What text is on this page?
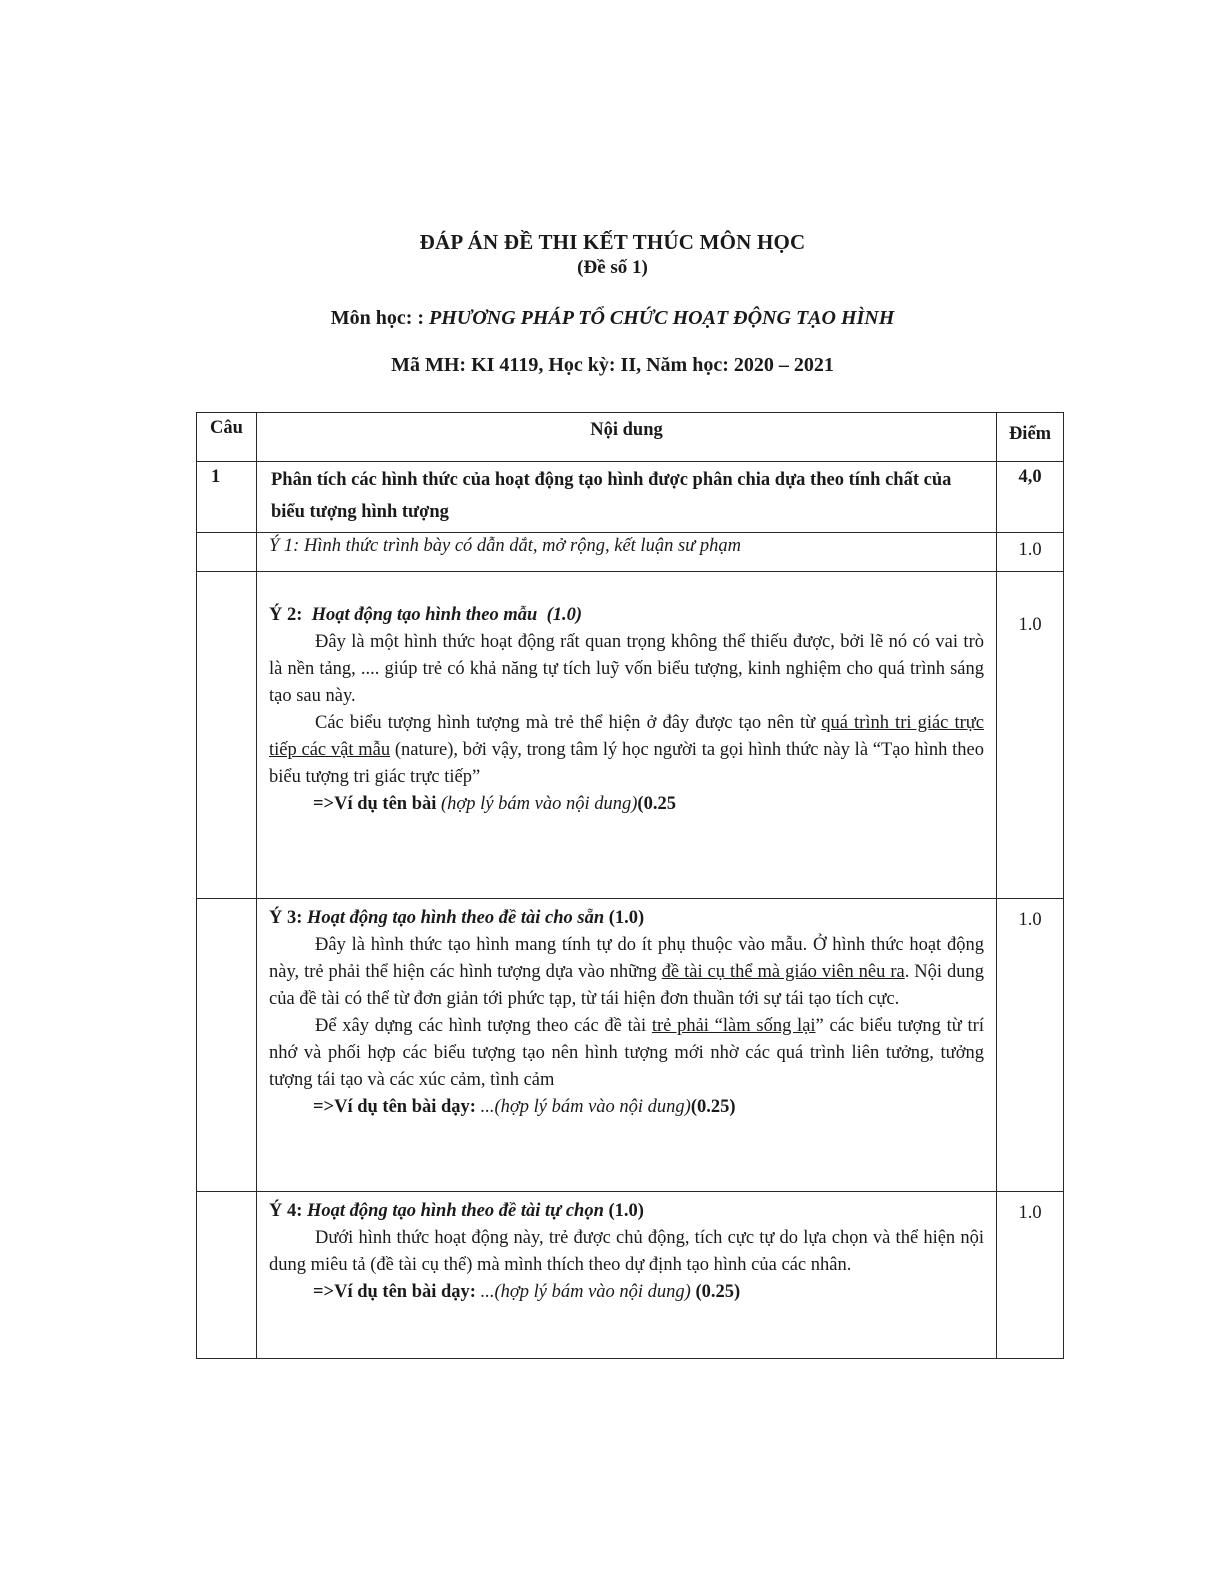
ĐÁP ÁN ĐỀ THI KẾT THÚC MÔN HỌC
(Đề số 1)
Môn học: : PHƯƠNG PHÁP TỔ CHỨC HOẠT ĐỘNG TẠO HÌNH
Mã MH: KI 4119, Học kỳ: II, Năm học: 2020 – 2021
Câu	Nội dung	Điểm
1	Phân tích các hình thức của hoạt động tạo hình được phân chia dựa theo tính chất của biểu tượng hình tượng	4,0
	Ý 1: Hình thức trình bày có dẫn dắt, mở rộng, kết luận sư phạm	1.0

	Ý 2: Hoạt động tạo hình theo mẫu (1.0)

Đây là một hình thức hoạt động rất quan trọng không thể thiếu được, bởi lẽ nó có vai trò là nền tảng, .... giúp trẻ có khả năng tự tích luỹ vốn biểu tượng, kinh nghiệm cho quá trình sáng tạo sau này.

Các biểu tượng hình tượng mà trẻ thể hiện ở đây được tạo nên từ quá trình tri giác trực tiếp các vật mẫu (nature), bởi vậy, trong tâm lý học người ta gọi hình thức này là “Tạo hình theo biểu tượng tri giác trực tiếp”

=>Ví dụ tên bài (hợp lý bám vào nội dung)(0.25	1.0

	Ý 3: Hoạt động tạo hình theo đề tài cho sẵn (1.0)

Đây là hình thức tạo hình mang tính tự do ít phụ thuộc vào mẫu. Ở hình thức hoạt động này, trẻ phải thể hiện các hình tượng dựa vào những đề tài cụ thể mà giáo viên nêu ra. Nội dung của đề tài có thể từ đơn giản tới phức tạp, từ tái hiện đơn thuần tới sự tái tạo tích cực.

Để xây dựng các hình tượng theo các đề tài trẻ phải “làm sống lại” các biểu tượng từ trí nhớ và phối hợp các biểu tượng tạo nên hình tượng mới nhờ các quá trình liên tưởng, tưởng tượng tái tạo và các xúc cảm, tình cảm

=>Ví dụ tên bài dạy: ...(hợp lý bám vào nội dung)(0.25)	1.0

	Ý 4: Hoạt động tạo hình theo đề tài tự chọn (1.0)

Dưới hình thức hoạt động này, trẻ được chủ động, tích cực tự do lựa chọn và thể hiện nội dung miêu tả (đề tài cụ thể) mà mình thích theo dự định tạo hình của các nhân.

=>Ví dụ tên bài dạy: ...(hợp lý bám vào nội dung) (0.25)	1.0
